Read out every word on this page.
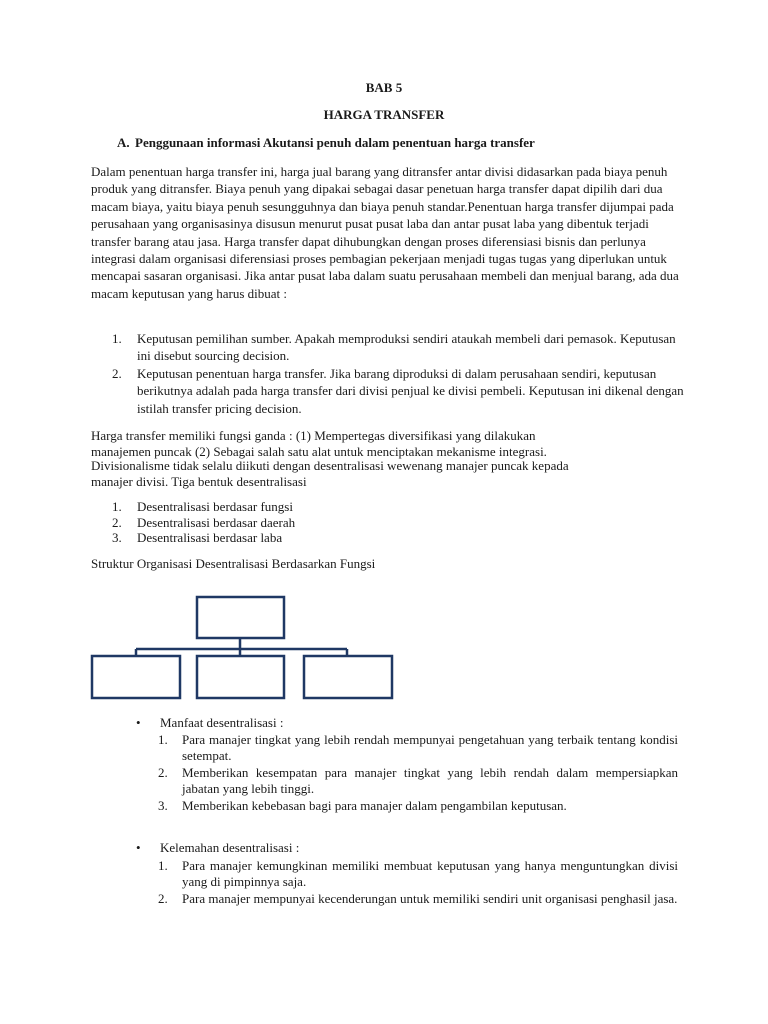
BAB 5
HARGA TRANSFER
A. Penggunaan informasi Akutansi penuh dalam penentuan harga transfer
Dalam penentuan harga transfer ini, harga jual barang yang ditransfer antar divisi didasarkan pada biaya penuh produk yang ditransfer. Biaya penuh yang dipakai sebagai dasar penetuan harga transfer dapat dipilih dari dua macam biaya, yaitu biaya penuh sesungguhnya dan biaya penuh standar.Penentuan harga transfer dijumpai pada perusahaan yang organisasinya disusun menurut pusat pusat laba dan antar pusat laba yang dibentuk terjadi transfer barang atau jasa. Harga transfer dapat dihubungkan dengan proses diferensiasi bisnis dan perlunya integrasi dalam organisasi diferensiasi proses pembagian pekerjaan menjadi tugas tugas yang diperlukan untuk mencapai sasaran organisasi. Jika antar pusat laba dalam suatu perusahaan membeli dan menjual barang, ada dua macam keputusan yang harus dibuat :
1. Keputusan pemilihan sumber. Apakah memproduksi sendiri ataukah membeli dari pemasok. Keputusan ini disebut sourcing decision.
2. Keputusan penentuan harga transfer. Jika barang diproduksi di dalam perusahaan sendiri, keputusan berikutnya adalah pada harga transfer dari divisi penjual ke divisi pembeli. Keputusan ini dikenal dengan istilah transfer pricing decision.
Harga transfer memiliki fungsi ganda : (1) Mempertegas diversifikasi yang dilakukan
manajemen puncak (2) Sebagai salah satu alat untuk menciptakan mekanisme integrasi.
Divisionalisme tidak selalu diikuti dengan desentralisasi wewenang manajer puncak kepada
manajer divisi. Tiga bentuk desentralisasi
1. Desentralisasi berdasar fungsi
2. Desentralisasi berdasar daerah
3. Desentralisasi berdasar laba
Struktur Organisasi Desentralisasi Berdasarkan Fungsi
• Manfaat desentralisasi :
1. Para manajer tingkat yang lebih rendah mempunyai pengetahuan yang terbaik tentang kondisi setempat.
2. Memberikan kesempatan para manajer tingkat yang lebih rendah dalam mempersiapkan jabatan yang lebih tinggi.
3. Memberikan kebebasan bagi para manajer dalam pengambilan keputusan.
• Kelemahan desentralisasi :
1. Para manajer kemungkinan memiliki membuat keputusan yang hanya menguntungkan divisi yang di pimpinnya saja.
2. Para manajer mempunyai kecenderungan untuk memiliki sendiri unit organisasi penghasil jasa.
